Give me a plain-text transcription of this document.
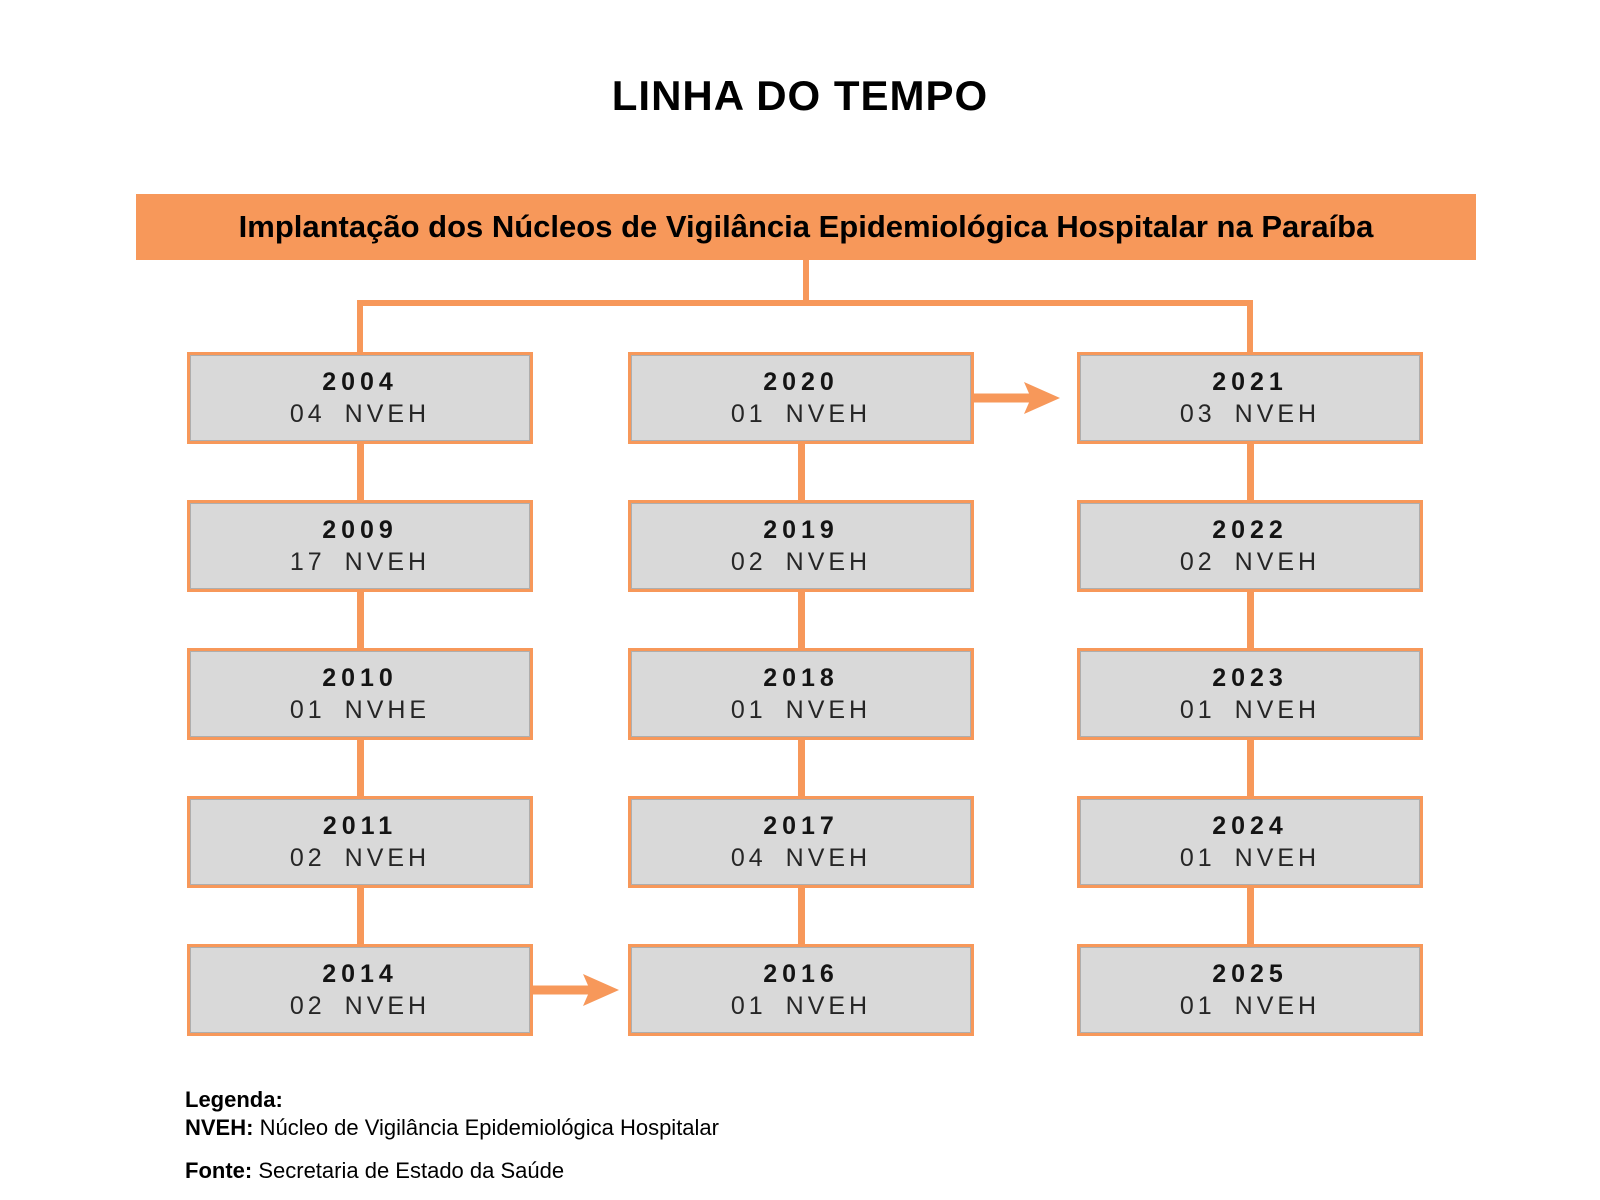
LINHA DO TEMPO
Implantação dos Núcleos de Vigilância Epidemiológica Hospitalar na Paraíba
2004
04 NVEH
2009
17 NVEH
2010
01 NVHE
2011
02 NVEH
2014
02 NVEH
2020
01 NVEH
2019
02 NVEH
2018
01 NVEH
2017
04 NVEH
2016
01 NVEH
2021
03 NVEH
2022
02 NVEH
2023
01 NVEH
2024
01 NVEH
2025
01 NVEH
Legenda:
NVEH: Núcleo de Vigilância Epidemiológica Hospitalar
Fonte: Secretaria de Estado da Saúde
